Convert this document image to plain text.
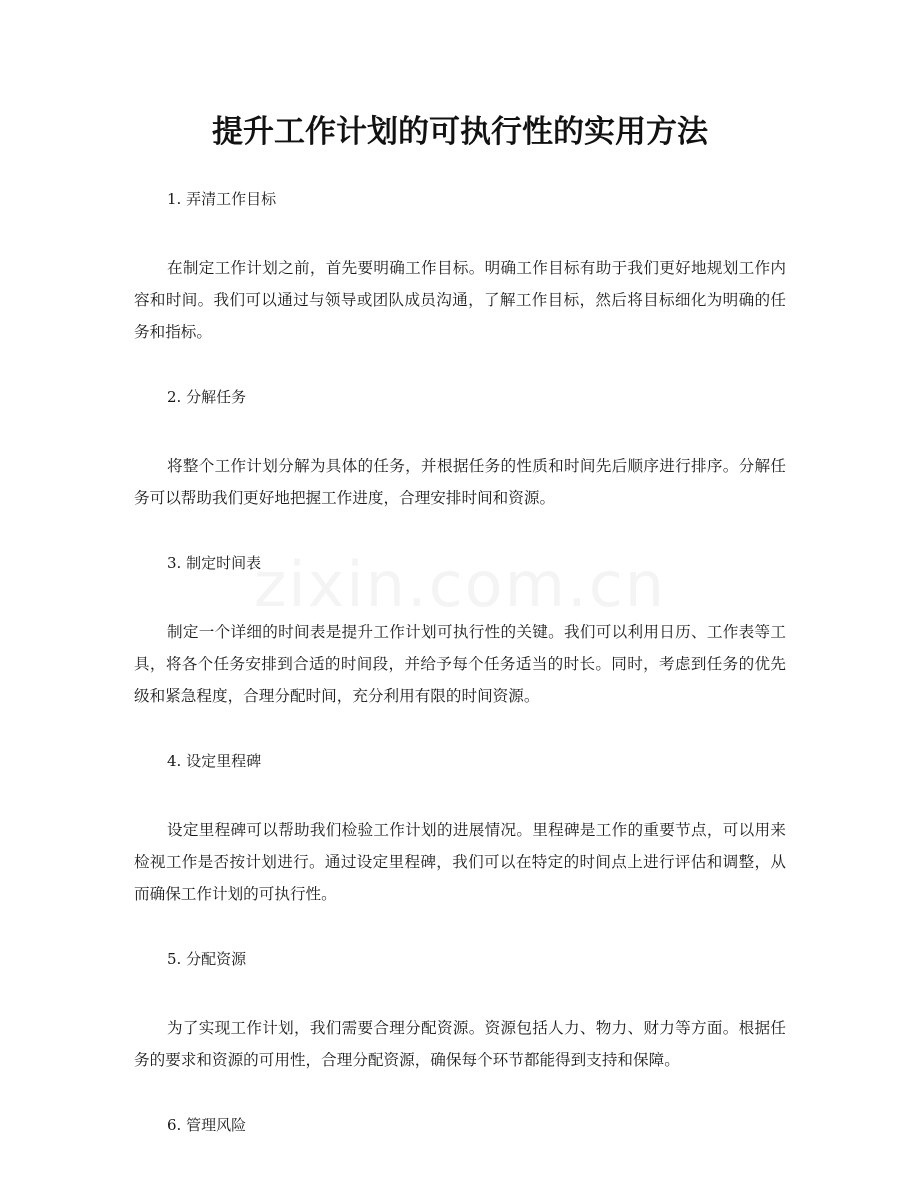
提升工作计划的可执行性的实用方法

1. 弄清工作目标

在制定工作计划之前，首先要明确工作目标。明确工作目标有助于我们更好地规划工作内容和时间。我们可以通过与领导或团队成员沟通，了解工作目标，然后将目标细化为明确的任务和指标。

2. 分解任务

将整个工作计划分解为具体的任务，并根据任务的性质和时间先后顺序进行排序。分解任务可以帮助我们更好地把握工作进度，合理安排时间和资源。

3. 制定时间表

制定一个详细的时间表是提升工作计划可执行性的关键。我们可以利用日历、工作表等工具，将各个任务安排到合适的时间段，并给予每个任务适当的时长。同时，考虑到任务的优先级和紧急程度，合理分配时间，充分利用有限的时间资源。

4. 设定里程碑

设定里程碑可以帮助我们检验工作计划的进展情况。里程碑是工作的重要节点，可以用来检视工作是否按计划进行。通过设定里程碑，我们可以在特定的时间点上进行评估和调整，从而确保工作计划的可执行性。

5. 分配资源

为了实现工作计划，我们需要合理分配资源。资源包括人力、物力、财力等方面。根据任务的要求和资源的可用性，合理分配资源，确保每个环节都能得到支持和保障。

6. 管理风险
